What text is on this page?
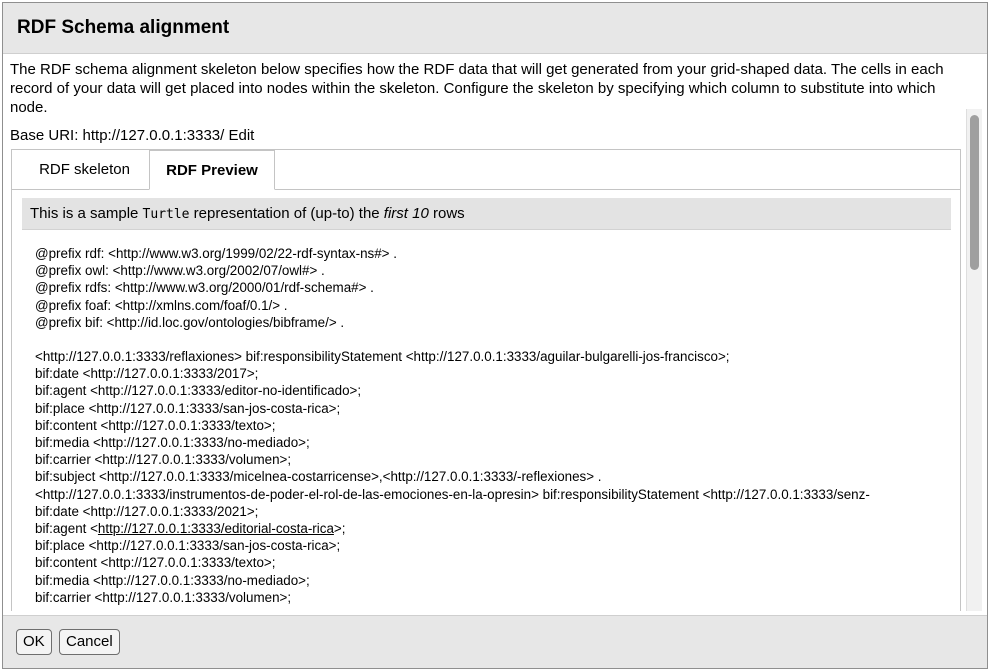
RDF Schema alignment
The RDF schema alignment skeleton below specifies how the RDF data that will get generated from your grid-shaped data. The cells in each record of your data will get placed into nodes within the skeleton. Configure the skeleton by specifying which column to substitute into which node.
Base URI: http://127.0.0.1:3333/ Edit
RDF skeleton	RDF Preview
This is a sample Turtle representation of (up-to) the first 10 rows
@prefix rdf: <http://www.w3.org/1999/02/22-rdf-syntax-ns#> .
@prefix owl: <http://www.w3.org/2002/07/owl#> .
@prefix rdfs: <http://www.w3.org/2000/01/rdf-schema#> .
@prefix foaf: <http://xmlns.com/foaf/0.1/> .
@prefix bif: <http://id.loc.gov/ontologies/bibframe/> .
<http://127.0.0.1:3333/reflaxiones> bif:responsibilityStatement <http://127.0.0.1:3333/aguilar-bulgarelli-jos-francisco>;
bif:date <http://127.0.0.1:3333/2017>;
bif:agent <http://127.0.0.1:3333/editor-no-identificado>;
bif:place <http://127.0.0.1:3333/san-jos-costa-rica>;
bif:content <http://127.0.0.1:3333/texto>;
bif:media <http://127.0.0.1:3333/no-mediado>;
bif:carrier <http://127.0.0.1:3333/volumen>;
bif:subject <http://127.0.0.1:3333/micelnea-costarricense>,<http://127.0.0.1:3333/-reflexiones> .
<http://127.0.0.1:3333/instrumentos-de-poder-el-rol-de-las-emociones-en-la-opresin> bif:responsibilityStatement <http://127.0.0.1:3333/senz-
bif:date <http://127.0.0.1:3333/2021>;
bif:agent <http://127.0.0.1:3333/editorial-costa-rica>;
bif:place <http://127.0.0.1:3333/san-jos-costa-rica>;
bif:content <http://127.0.0.1:3333/texto>;
bif:media <http://127.0.0.1:3333/no-mediado>;
bif:carrier <http://127.0.0.1:3333/volumen>;
OK	Cancel
